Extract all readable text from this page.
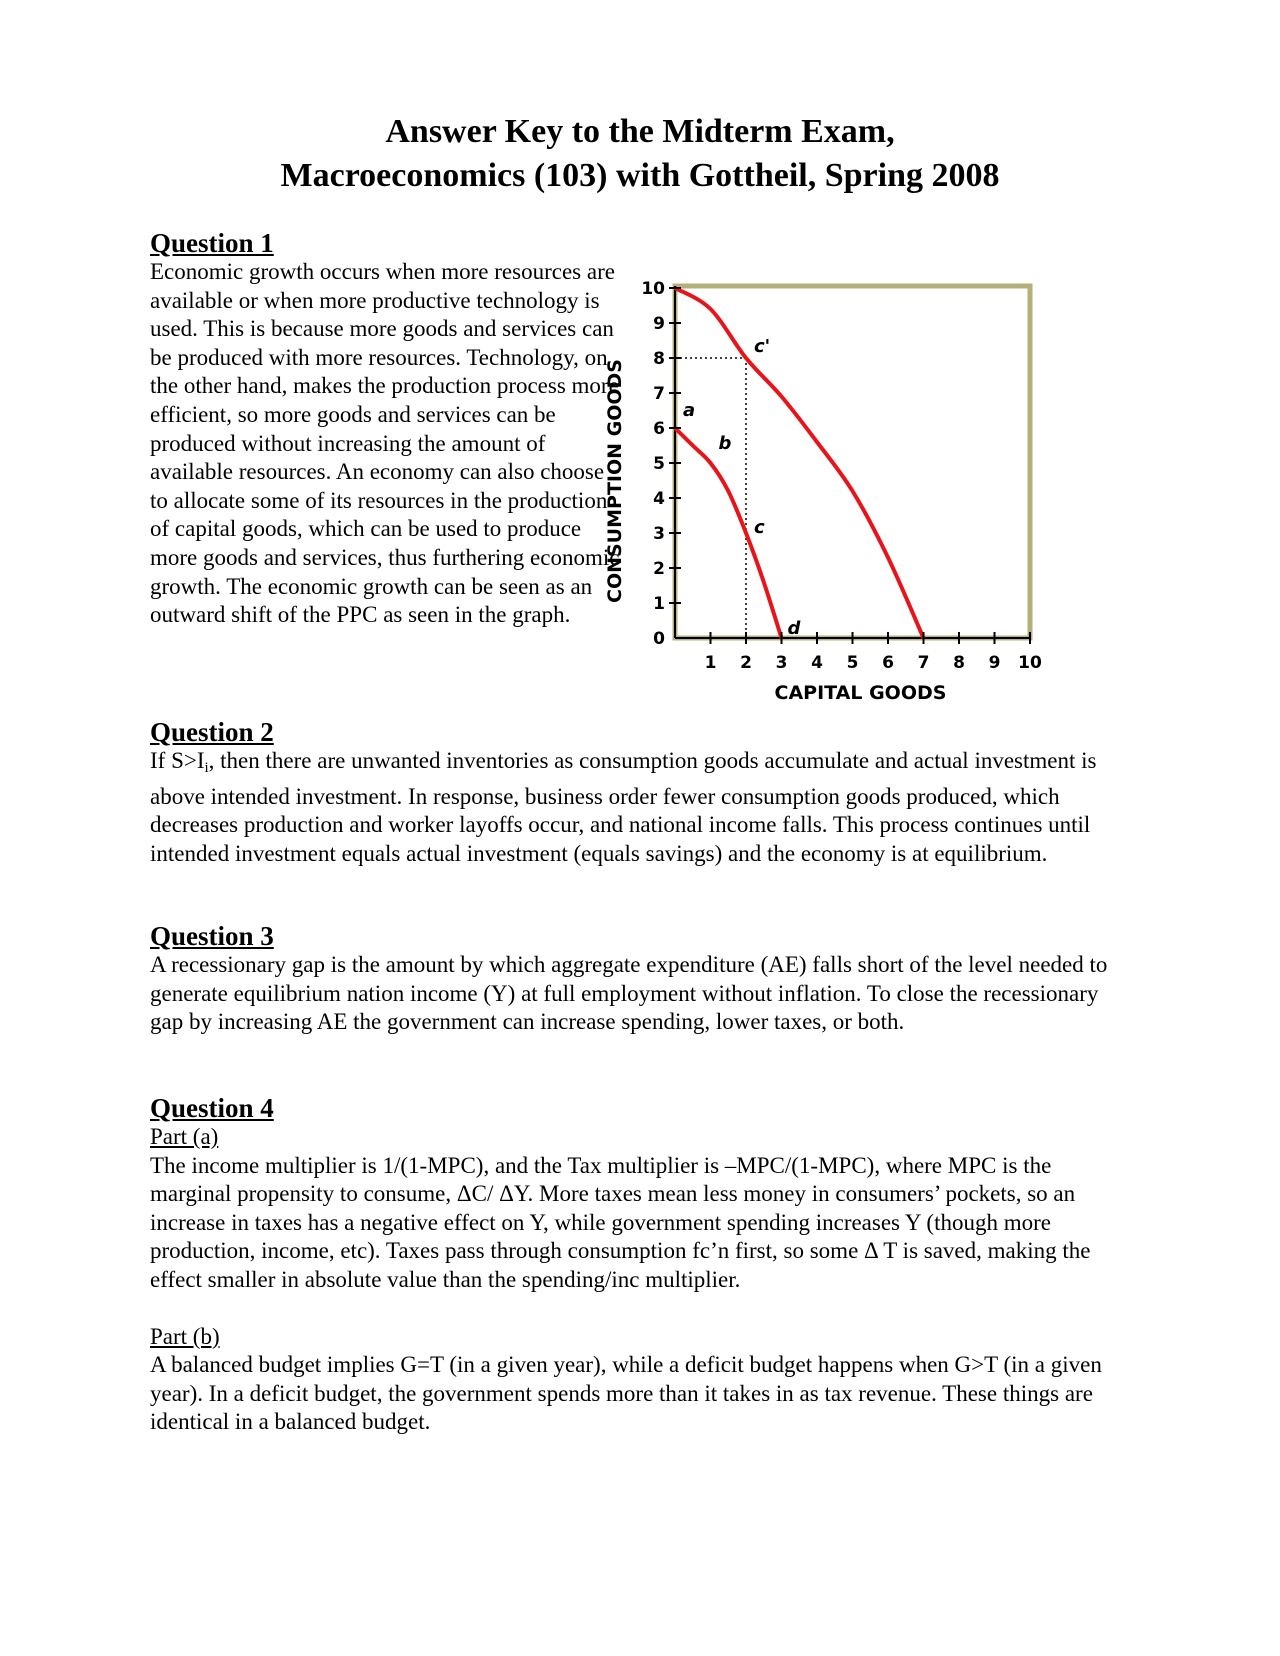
Answer Key to the Midterm Exam,
Macroeconomics (103) with Gottheil, Spring 2008
Question 1
Economic growth occurs when more resources are available or when more productive technology is used. This is because more goods and services can be produced with more resources. Technology, on the other hand, makes the production process more efficient, so more goods and services can be produced without increasing the amount of available resources. An economy can also choose to allocate some of its resources in the production of capital goods, which can be used to produce more goods and services, thus furthering economic growth. The economic growth can be seen as an outward shift of the PPC as seen in the graph.
0
1
2
3
4
5
6
7
8
9
10
1 2 3 4 5 6 7 8 9 10
a
b
c
d
c'
CAPITAL GOODS
CONSUMPTION GOODS
Question 2
If $S>I_i$, then there are unwanted inventories as consumption goods accumulate and actual investment is above intended investment. In response, business order fewer consumption goods produced, which decreases production and worker layoffs occur, and national income falls. This process continues until intended investment equals actual investment (equals savings) and the economy is at equilibrium.
Question 3
A recessionary gap is the amount by which aggregate expenditure (AE) falls short of the level needed to generate equilibrium nation income (Y) at full employment without inflation. To close the recessionary gap by increasing AE the government can increase spending, lower taxes, or both.
Question 4
Part (a)
The income multiplier is 1/(1-MPC), and the Tax multiplier is –MPC/(1-MPC), where MPC is the marginal propensity to consume, ΔC/ ΔY. More taxes mean less money in consumers’ pockets, so an increase in taxes has a negative effect on Y, while government spending increases Y (though more production, income, etc). Taxes pass through consumption fc’n first, so some Δ T is saved, making the effect smaller in absolute value than the spending/inc multiplier.
Part (b)
A balanced budget implies G=T (in a given year), while a deficit budget happens when G>T (in a given year). In a deficit budget, the government spends more than it takes in as tax revenue. These things are identical in a balanced budget.
